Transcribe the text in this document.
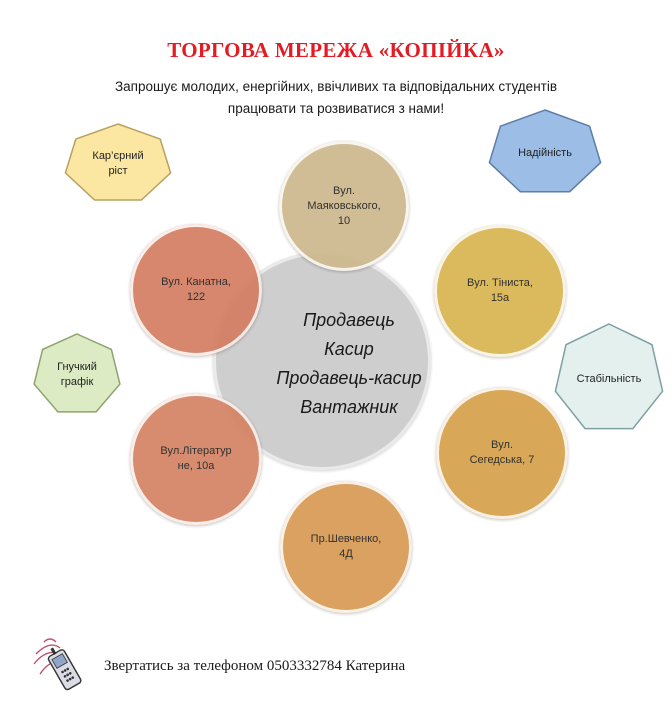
ТОРГОВА МЕРЕЖА «КОПІЙКА»
Запрошує молодих, енергійних, ввічливих та відповідальних студентів
працювати та розвиватися з нами!
Вул.
Маяковського,
10
Вул. Тіниста,
15а
Вул.
Сегедська, 7
Пр.Шевченко,
4Д
Вул.Літератур
не, 10а
Вул. Канатна,
122
Продавець
Касир
Продавець-касир
Вантажник
Кар’єрний
ріст
Надійність
Гнучкий
графік	Стабільність
Звертатись за телефоном 0503332784 Катерина
